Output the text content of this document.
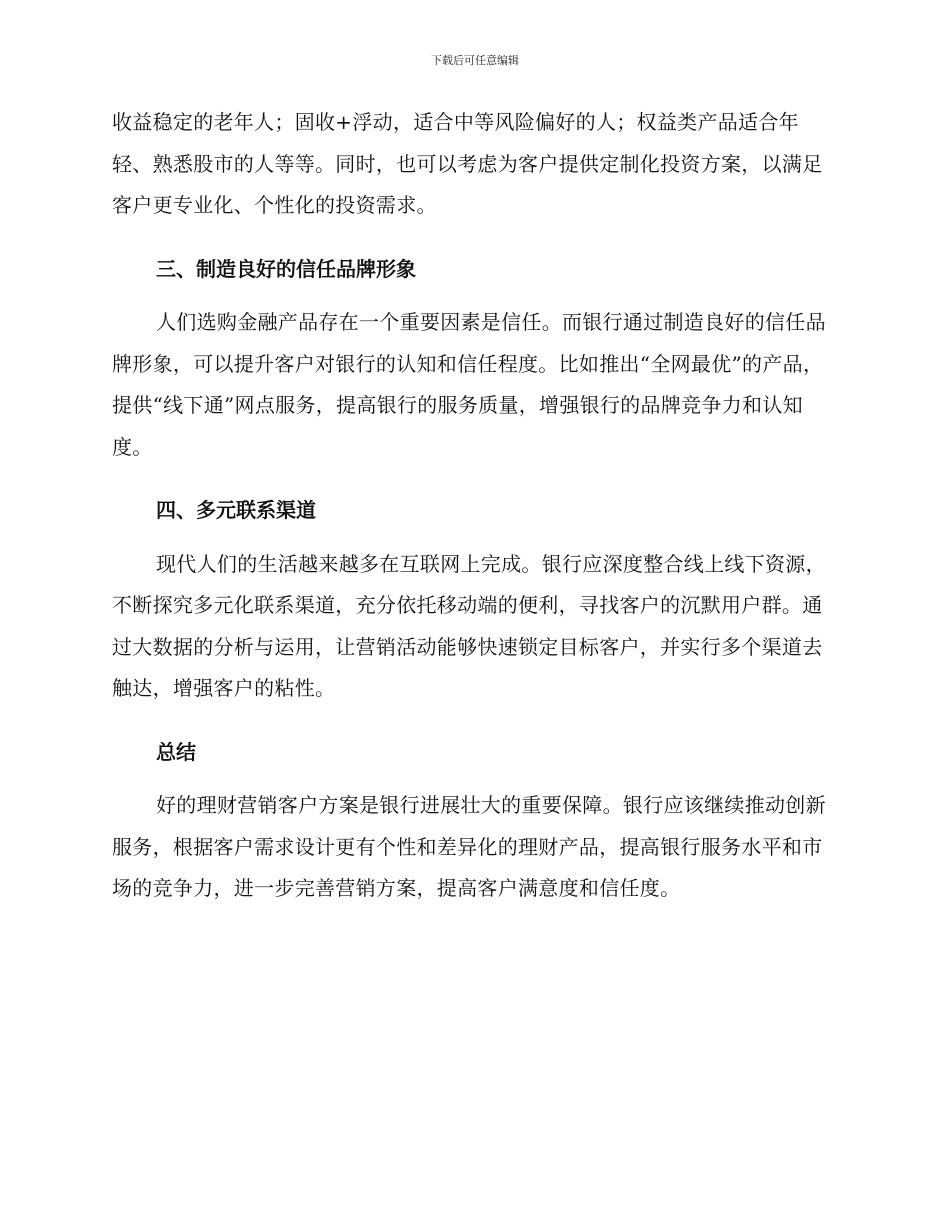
下载后可任意编辑

收益稳定的老年人；固收+浮动，适合中等风险偏好的人；权益类产品适合年轻、熟悉股市的人等等。同时，也可以考虑为客户提供定制化投资方案，以满足客户更专业化、个性化的投资需求。

三、制造良好的信任品牌形象

人们选购金融产品存在一个重要因素是信任。而银行通过制造良好的信任品牌形象，可以提升客户对银行的认知和信任程度。比如推出“全网最优”的产品，提供“线下通”网点服务，提高银行的服务质量，增强银行的品牌竞争力和认知度。

四、多元联系渠道

现代人们的生活越来越多在互联网上完成。银行应深度整合线上线下资源，不断探究多元化联系渠道，充分依托移动端的便利，寻找客户的沉默用户群。通过大数据的分析与运用，让营销活动能够快速锁定目标客户，并实行多个渠道去触达，增强客户的粘性。

总结

好的理财营销客户方案是银行进展壮大的重要保障。银行应该继续推动创新服务，根据客户需求设计更有个性和差异化的理财产品，提高银行服务水平和市场的竞争力，进一步完善营销方案，提高客户满意度和信任度。
